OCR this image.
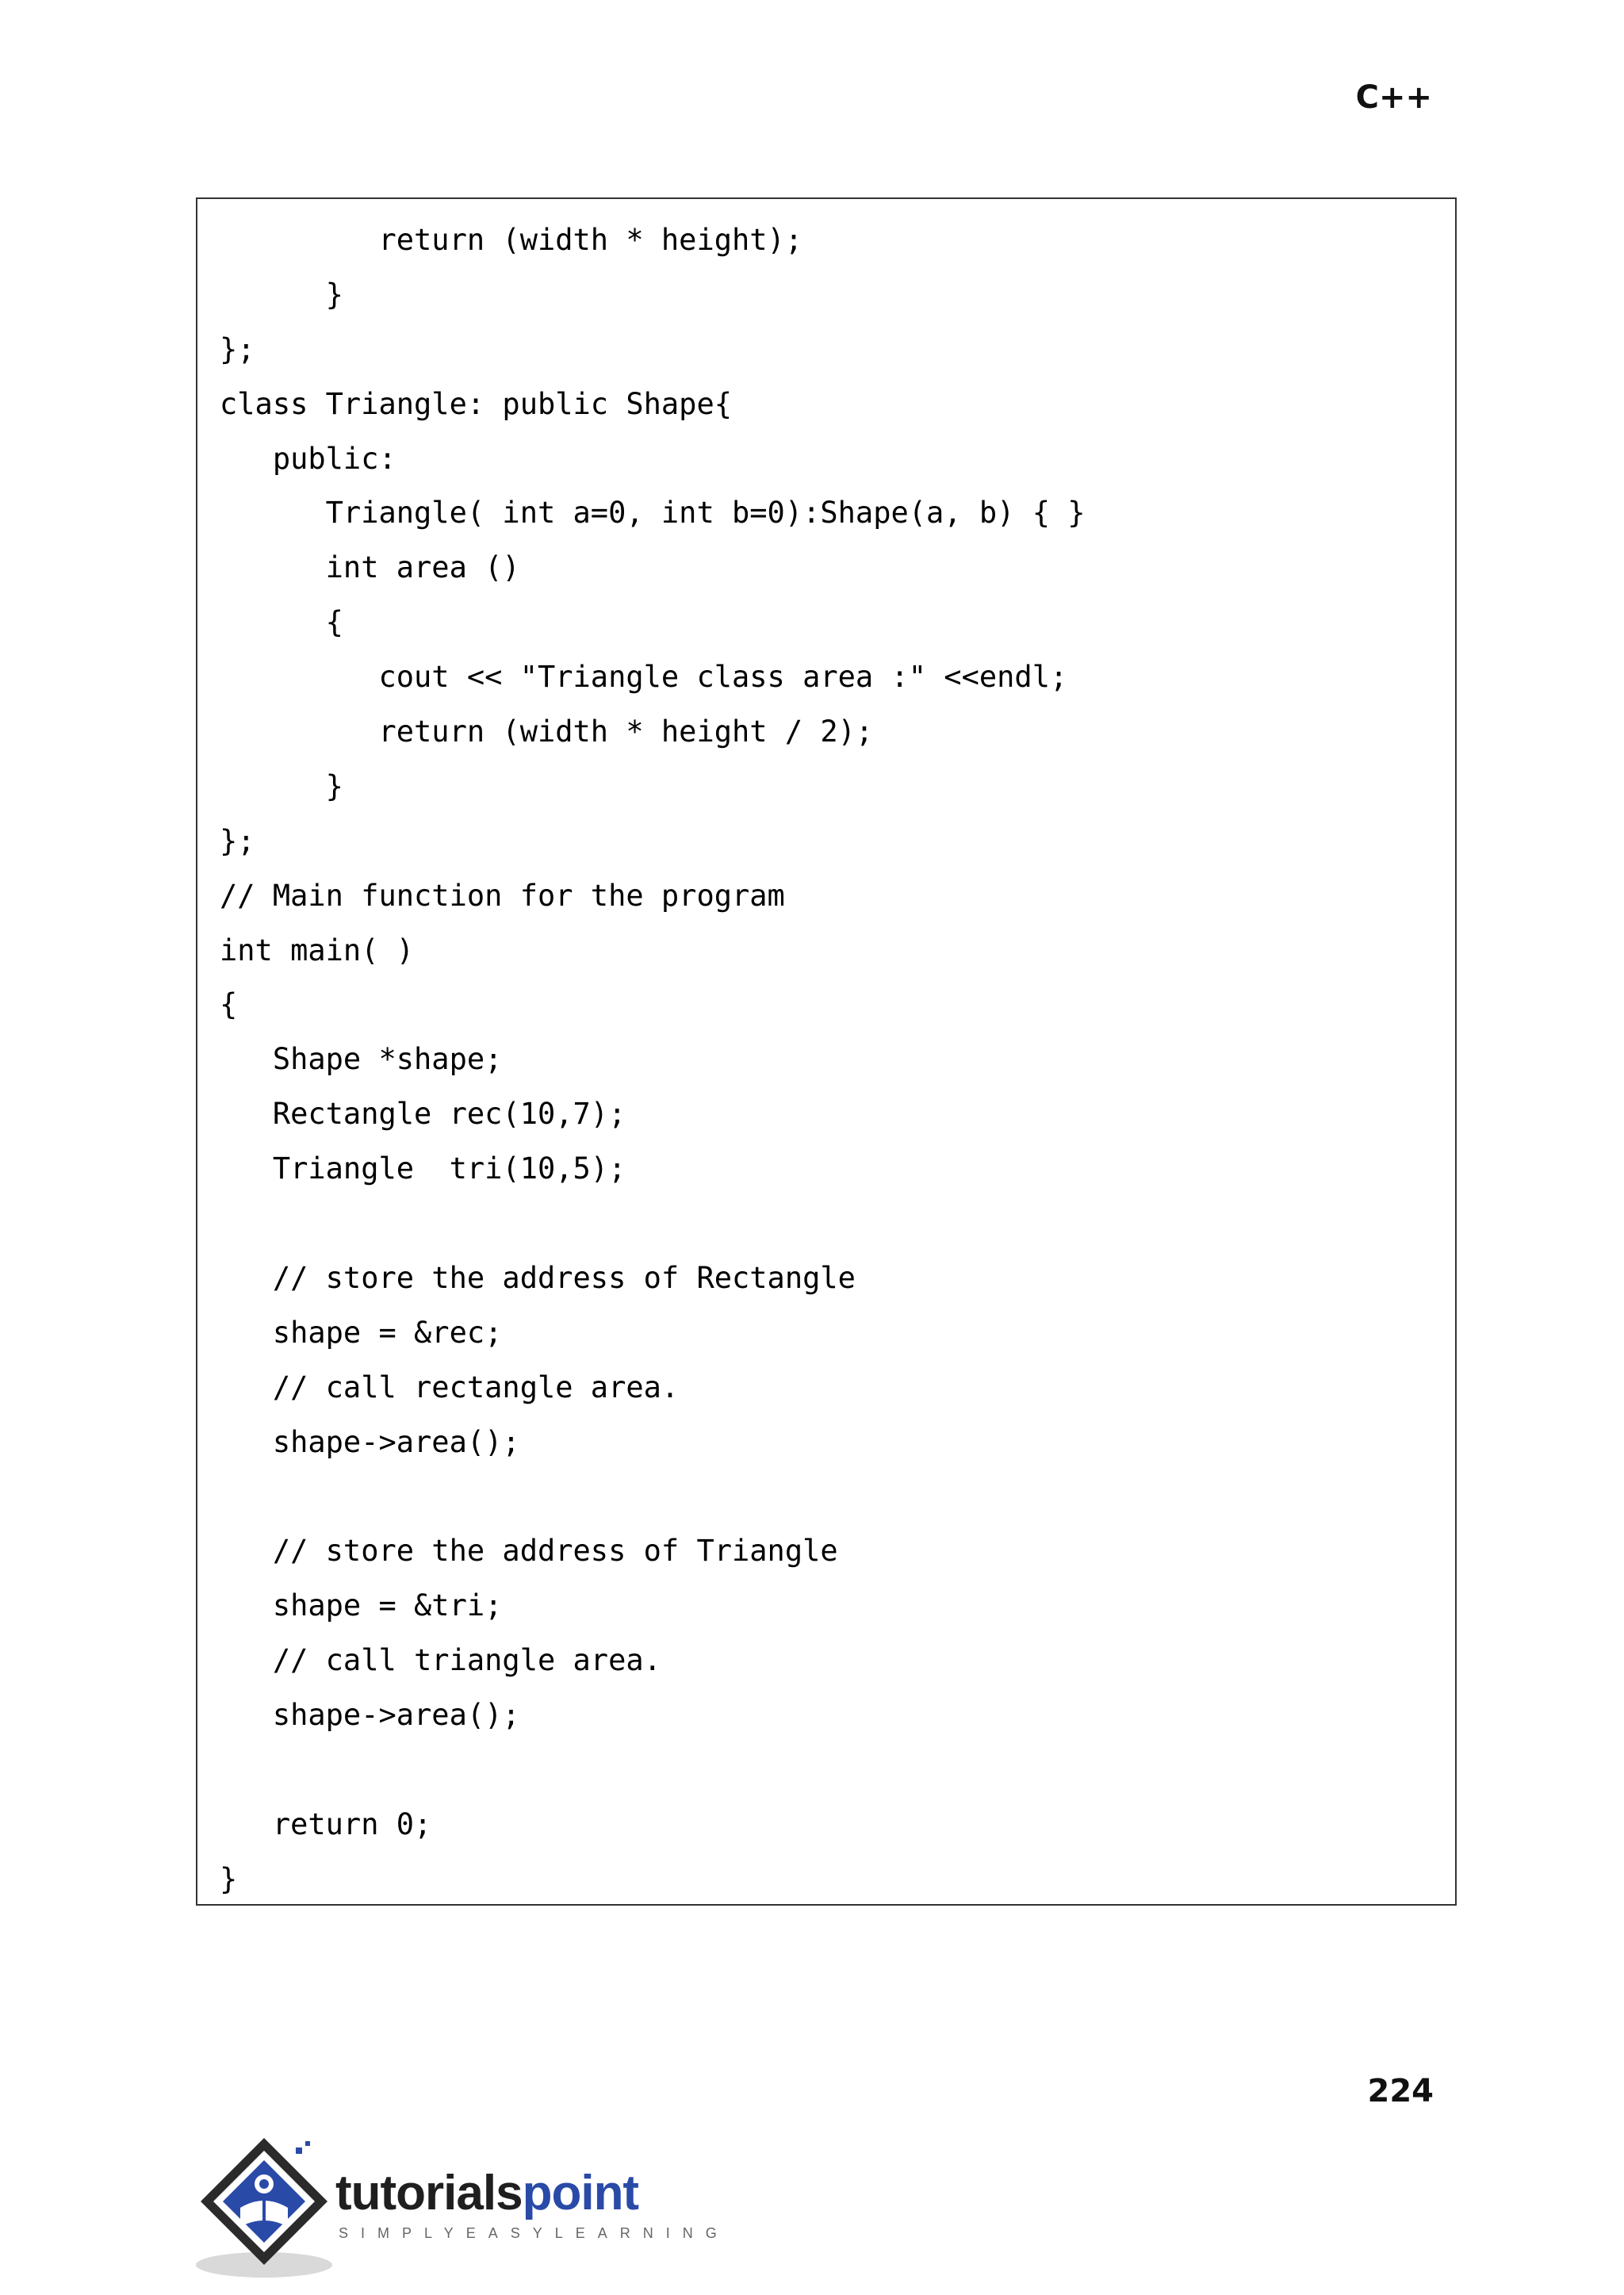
C++
return (width * height);
}
};
class Triangle: public Shape{
public:
Triangle( int a=0, int b=0):Shape(a, b) { }
int area ()
{
cout << "Triangle class area :" <<endl;
return (width * height / 2);
}
};
// Main function for the program
int main( )
{
Shape *shape;
Rectangle rec(10,7);
Triangle  tri(10,5);
// store the address of Rectangle
shape = &rec;
// call rectangle area.
shape->area();
// store the address of Triangle
shape = &tri;
// call triangle area.
shape->area();
return 0;
}
224
tutorialspoint
SIMPLYEASYLEARNING
